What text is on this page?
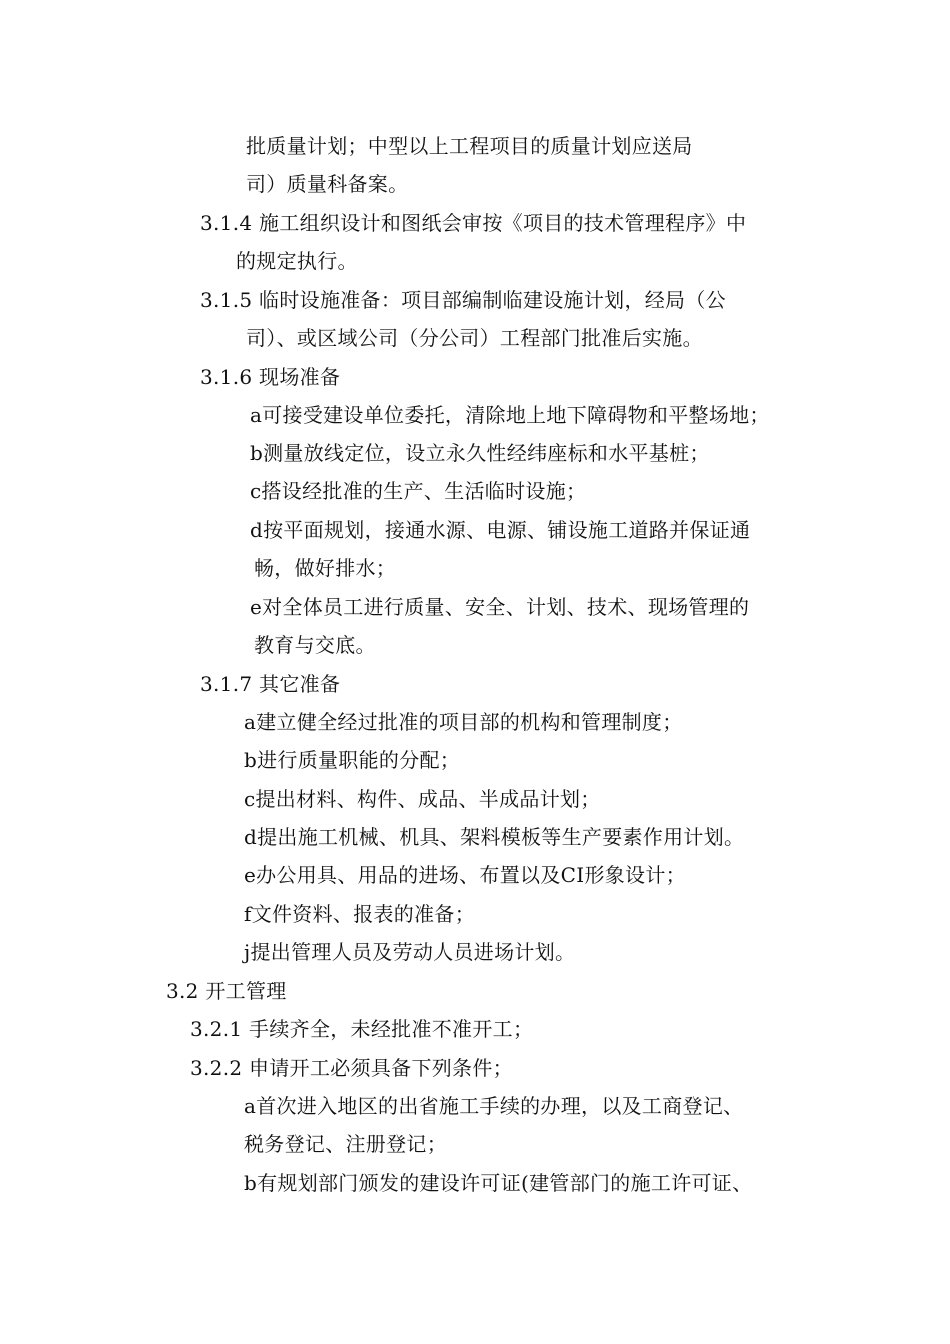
批质量计划；中型以上工程项目的质量计划应送局
司）质量科备案。
3.1.4 施工组织设计和图纸会审按《项目的技术管理程序》中
的规定执行。
3.1.5 临时设施准备：项目部编制临建设施计划，经局（公
司）、或区域公司（分公司）工程部门批准后实施。
3.1.6 现场准备
a可接受建设单位委托，清除地上地下障碍物和平整场地；
b测量放线定位，设立永久性经纬座标和水平基桩；
c搭设经批准的生产、生活临时设施；
d按平面规划，接通水源、电源、铺设施工道路并保证通
畅，做好排水；
e对全体员工进行质量、安全、计划、技术、现场管理的
教育与交底。
3.1.7 其它准备
a建立健全经过批准的项目部的机构和管理制度；
b进行质量职能的分配；
c提出材料、构件、成品、半成品计划；
d提出施工机械、机具、架料模板等生产要素作用计划。
e办公用具、用品的进场、布置以及CI形象设计；
f文件资料、报表的准备；
j提出管理人员及劳动人员进场计划。
3.2 开工管理
3.2.1 手续齐全，未经批准不准开工；
3.2.2 申请开工必须具备下列条件；
a首次进入地区的出省施工手续的办理，以及工商登记、
税务登记、注册登记；
b有规划部门颁发的建设许可证(建管部门的施工许可证、
